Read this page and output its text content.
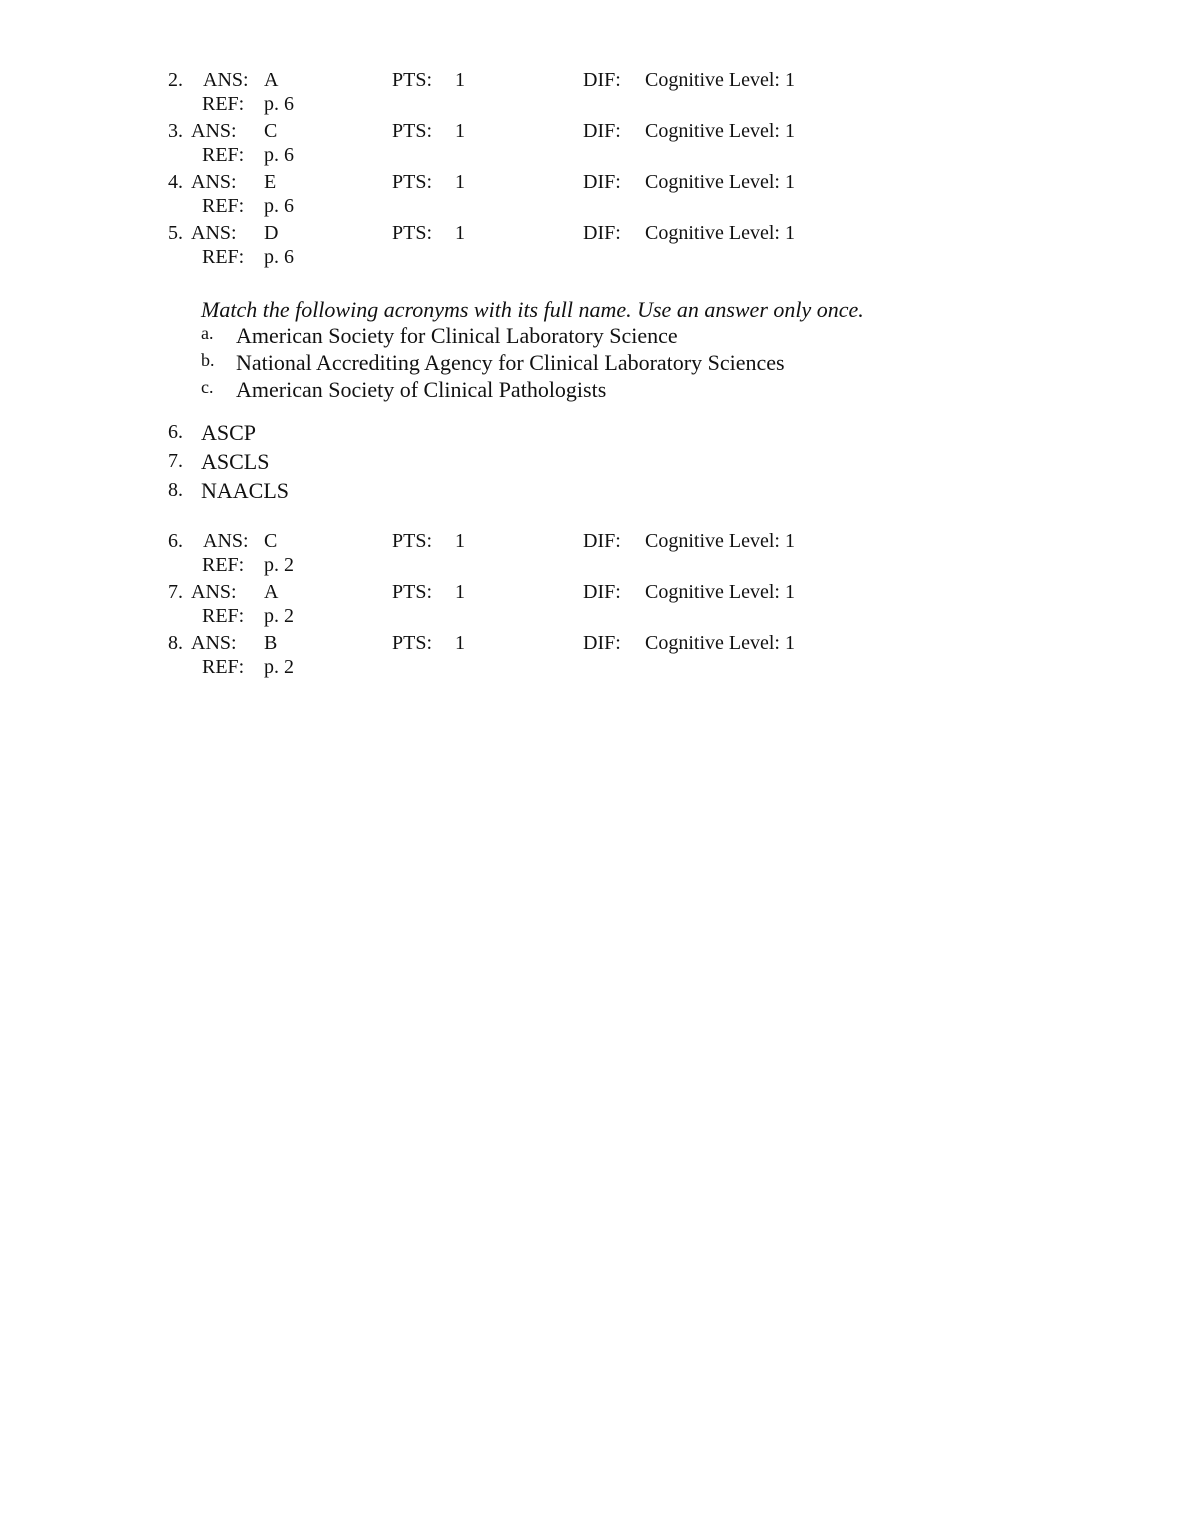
2. ANS: A	PTS: 1	DIF: Cognitive Level: 1
REF: p. 6
3. ANS: C	PTS: 1	DIF: Cognitive Level: 1
REF: p. 6
4. ANS: E	PTS: 1	DIF: Cognitive Level: 1
REF: p. 6
5. ANS: D	PTS: 1	DIF: Cognitive Level: 1
REF: p. 6
Match the following acronyms with its full name. Use an answer only once.
a. American Society for Clinical Laboratory Science
b. National Accrediting Agency for Clinical Laboratory Sciences
c. American Society of Clinical Pathologists
6. ASCP
7. ASCLS
8. NAACLS
6. ANS: C	PTS: 1	DIF: Cognitive Level: 1
REF: p. 2
7. ANS: A	PTS: 1	DIF: Cognitive Level: 1
REF: p. 2
8. ANS: B	PTS: 1	DIF: Cognitive Level: 1
REF: p. 2
